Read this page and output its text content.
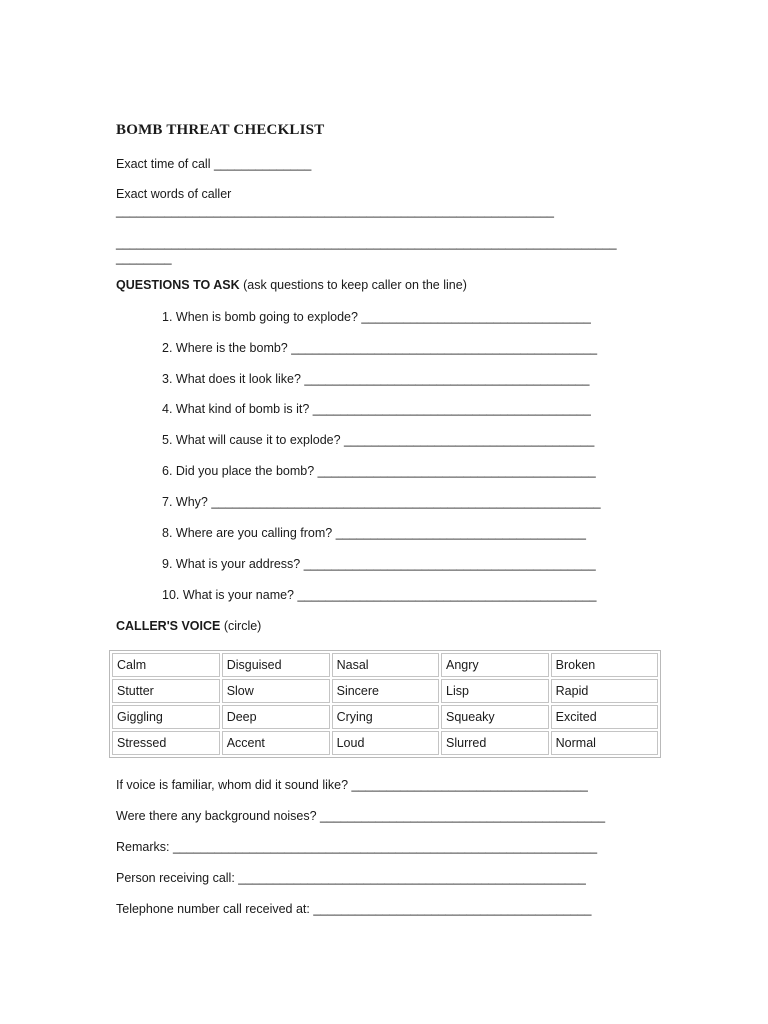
BOMB THREAT CHECKLIST
Exact time of call ______________
Exact words of caller
_______________________________________________________________
________________________________________________________________________
________
QUESTIONS TO ASK (ask questions to keep caller on the line)
1. When is bomb going to explode? _________________________________
2. Where is the bomb? ____________________________________________
3. What does it look like? _________________________________________
4. What kind of bomb is it? ________________________________________
5. What will cause it to explode? ____________________________________
6. Did you place the bomb? ________________________________________
7. Why? ________________________________________________________
8. Where are you calling from? ____________________________________
9. What is your address? __________________________________________
10. What is your name? ___________________________________________
CALLER'S VOICE (circle)
Calm	Disguised	Nasal	Angry	Broken
Stutter	Slow	Sincere	Lisp	Rapid
Giggling	Deep	Crying	Squeaky	Excited
Stressed	Accent	Loud	Slurred	Normal
If voice is familiar, whom did it sound like? __________________________________
Were there any background noises? _________________________________________
Remarks: _____________________________________________________________
Person receiving call: __________________________________________________
Telephone number call received at: ________________________________________
